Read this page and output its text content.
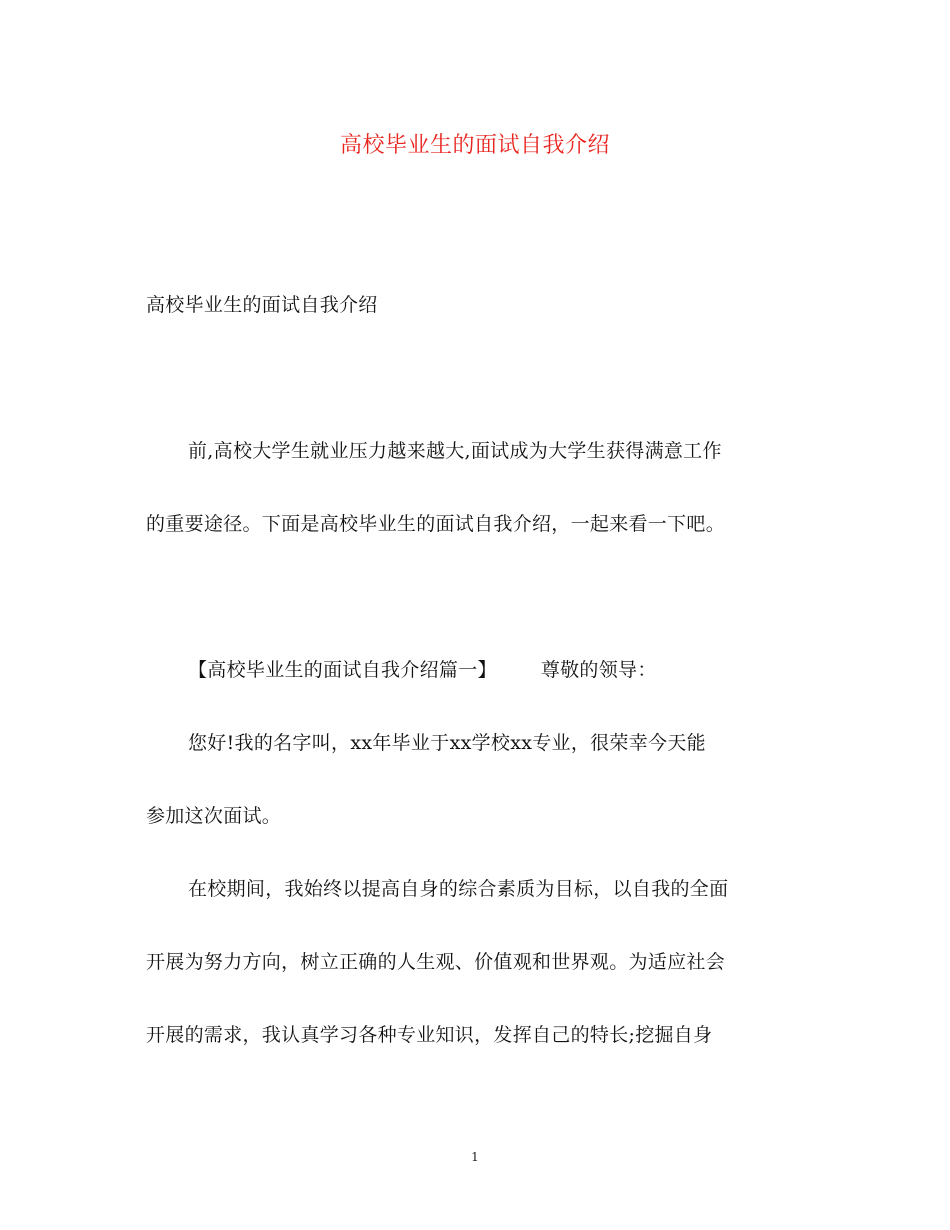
高校毕业生的面试自我介绍
高校毕业生的面试自我介绍
前,高校大学生就业压力越来越大,面试成为大学生获得满意工作
的重要途径。下面是高校毕业生的面试自我介绍，一起来看一下吧。
【高校毕业生的面试自我介绍篇一】 尊敬的领导：
您好!我的名字叫，xx年毕业于xx学校xx专业，很荣幸今天能
参加这次面试。
在校期间，我始终以提高自身的综合素质为目标，以自我的全面
开展为努力方向，树立正确的人生观、价值观和世界观。为适应社会
开展的需求，我认真学习各种专业知识，发挥自己的特长;挖掘自身
1
